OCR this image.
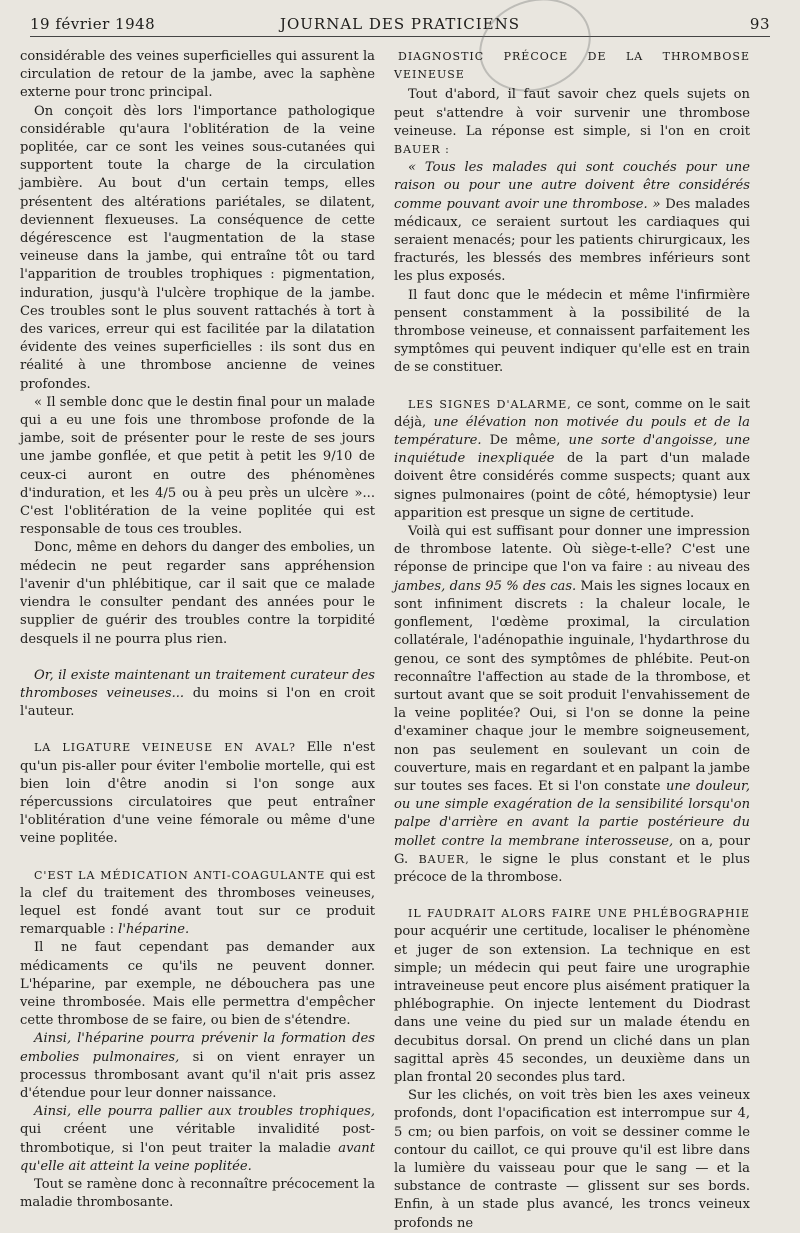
19 février 1948	JOURNAL DES PRATICIENS	93

considérable des veines superficielles qui assurent la circulation de retour de la jambe, avec la saphène externe pour tronc principal.

On conçoit dès lors l'importance pathologique considérable qu'aura l'oblitération de la veine poplitée, car ce sont les veines sous-cutanées qui supportent toute la charge de la circulation jambière. Au bout d'un certain temps, elles présentent des altérations pariétales, se dilatent, deviennent flexueuses. La conséquence de cette dégérescence est l'augmentation de la stase veineuse dans la jambe, qui entraîne tôt ou tard l'apparition de troubles trophiques : pigmentation, induration, jusqu'à l'ulcère trophique de la jambe. Ces troubles sont le plus souvent rattachés à tort à des varices, erreur qui est facilitée par la dilatation évidente des veines superficielles : ils sont dus en réalité à une thrombose ancienne de veines profondes.

« Il semble donc que le destin final pour un malade qui a eu une fois une thrombose profonde de la jambe, soit de présenter pour le reste de ses jours une jambe gonflée, et que petit à petit les 9/10 de ceux-ci auront en outre des phénomènes d'induration, et les 4/5 ou à peu près un ulcère »... C'est l'oblitération de la veine poplitée qui est responsable de tous ces troubles.

Donc, même en dehors du danger des embolies, un médecin ne peut regarder sans appréhension l'avenir d'un phlébitique, car il sait que ce malade viendra le consulter pendant des années pour le supplier de guérir des troubles contre la torpidité desquels il ne pourra plus rien.

Or, il existe maintenant un traitement curateur des thromboses veineuses... du moins si l'on en croit l'auteur.

LA LIGATURE VEINEUSE EN AVAL? Elle n'est qu'un pis-aller pour éviter l'embolie mortelle, qui est bien loin d'être anodin si l'on songe aux répercussions circulatoires que peut entraîner l'oblitération d'une veine fémorale ou même d'une veine poplitée.

C'EST LA MÉDICATION ANTI-COAGULANTE qui est la clef du traitement des thromboses veineuses, lequel est fondé avant tout sur ce produit remarquable : l'héparine.

Il ne faut cependant pas demander aux médicaments ce qu'ils ne peuvent donner. L'héparine, par exemple, ne débouchera pas une veine thrombosée. Mais elle permettra d'empêcher cette thrombose de se faire, ou bien de s'étendre.

Ainsi, l'héparine pourra prévenir la formation des embolies pulmonaires, si on vient enrayer un processus thrombosant avant qu'il n'ait pris assez d'étendue pour leur donner naissance.

Ainsi, elle pourra pallier aux troubles trophiques, qui créent une véritable invalidité post-thrombotique, si l'on peut traiter la maladie avant qu'elle ait atteint la veine poplitée.

Tout se ramène donc à reconnaître précocement la maladie thrombosante.

DIAGNOSTIC PRÉCOCE DE LA THROMBOSE VEINEUSE

Tout d'abord, il faut savoir chez quels sujets on peut s'attendre à voir survenir une thrombose veineuse. La réponse est simple, si l'on en croit BAUER :

« Tous les malades qui sont couchés pour une raison ou pour une autre doivent être considérés comme pouvant avoir une thrombose. » Des malades médicaux, ce seraient surtout les cardiaques qui seraient menacés; pour les patients chirurgicaux, les fracturés, les blessés des membres inférieurs sont les plus exposés.

Il faut donc que le médecin et même l'infirmière pensent constamment à la possibilité de la thrombose veineuse, et connaissent parfaitement les symptômes qui peuvent indiquer qu'elle est en train de se constituer.

LES SIGNES D'ALARME, ce sont, comme on le sait déjà, une élévation non motivée du pouls et de la température. De même, une sorte d'angoisse, une inquiétude inexpliquée de la part d'un malade doivent être considérés comme suspects; quant aux signes pulmonaires (point de côté, hémoptysie) leur apparition est presque un signe de certitude.

Voilà qui est suffisant pour donner une impression de thrombose latente. Où siège-t-elle? C'est une réponse de principe que l'on va faire : au niveau des jambes, dans 95 % des cas. Mais les signes locaux en sont infiniment discrets : la chaleur locale, le gonflement, l'œdème proximal, la circulation collatérale, l'adénopathie inguinale, l'hydarthrose du genou, ce sont des symptômes de phlébite. Peut-on reconnaître l'affection au stade de la thrombose, et surtout avant que se soit produit l'envahissement de la veine poplitée? Oui, si l'on se donne la peine d'examiner chaque jour le membre soigneusement, non pas seulement en soulevant un coin de couverture, mais en regardant et en palpant la jambe sur toutes ses faces. Et si l'on constate une douleur, ou une simple exagération de la sensibilité lorsqu'on palpe d'arrière en avant la partie postérieure du mollet contre la membrane interosseuse, on a, pour G. BAUER, le signe le plus constant et le plus précoce de la thrombose.

IL FAUDRAIT ALORS FAIRE UNE PHLÉBOGRAPHIE pour acquérir une certitude, localiser le phénomène et juger de son extension. La technique en est simple; un médecin qui peut faire une urographie intraveineuse peut encore plus aisément pratiquer la phlébographie. On injecte lentement du Diodrast dans une veine du pied sur un malade étendu en decubitus dorsal. On prend un cliché dans un plan sagittal après 45 secondes, un deuxième dans un plan frontal 20 secondes plus tard.

Sur les clichés, on voit très bien les axes veineux profonds, dont l'opacification est interrompue sur 4, 5 cm; ou bien parfois, on voit se dessiner comme le contour du caillot, ce qui prouve qu'il est libre dans la lumière du vaisseau pour que le sang — et la substance de contraste — glissent sur ses bords. Enfin, à un stade plus avancé, les troncs veineux profonds ne
